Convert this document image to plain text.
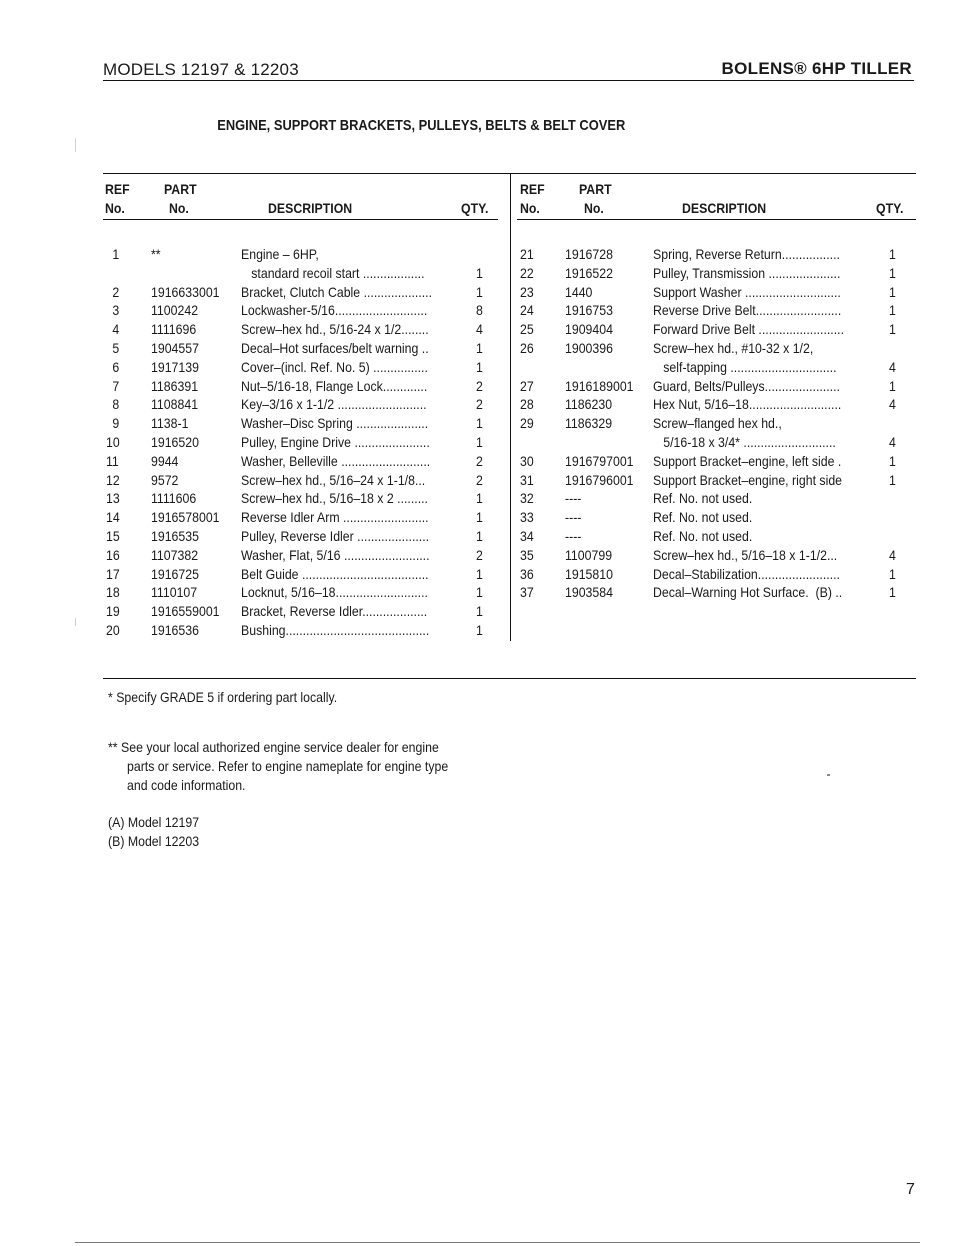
MODELS 12197 & 12203	BOLENS® 6HP TILLER
ENGINE, SUPPORT BRACKETS, PULLEYS, BELTS & BELT COVER
REF
No.
PART
No.	DESCRIPTION	QTY.
REF
No.
PART
No.	DESCRIPTION	QTY.
1 **	Engine – 6HP,
standard recoil start ..................	1
2 1916633001 Bracket, Clutch Cable ....................	1
3 1100242	Lockwasher-5/16...........................	8
4 1111696	Screw–hex hd., 5/16-24 x 1/2........	4
5 1904557	Decal–Hot surfaces/belt warning ..	1
6 1917139	Cover–(incl. Ref. No. 5) ................	1
7 1186391	Nut–5/16-18, Flange Lock.............	2
8 1108841	Key–3/16 x 1-1/2 ..........................	2
9 1138-1	Washer–Disc Spring .....................	1
10	1916520	Pulley, Engine Drive ......................	1
11	9944	Washer, Belleville ..........................	2
12	9572	Screw–hex hd., 5/16–24 x 1-1/8...	2
13	1111606	Screw–hex hd., 5/16–18 x 2 .........	1
14	1916578001 Reverse Idler Arm .........................	1
15	1916535	Pulley, Reverse Idler .....................	1
16	1107382	Washer, Flat, 5/16 .........................	2
17	1916725	Belt Guide .....................................	1
18	1110107	Locknut, 5/16–18...........................	1
19	1916559001 Bracket, Reverse Idler...................	1
20	1916536	Bushing..........................................	1
21	1916728	Spring, Reverse Return.................	1
22	1916522	Pulley, Transmission .....................	1
23	1440	Support Washer ............................	1
24	1916753	Reverse Drive Belt.........................	1
25	1909404	Forward Drive Belt .........................	1
26	1900396	Screw–hex hd., #10-32 x 1/2,
self-tapping ...............................	4
27	1916189001 Guard, Belts/Pulleys......................	1
28	1186230	Hex Nut, 5/16–18...........................	4
29	1186329	Screw–flanged hex hd.,
5/16-18 x 3/4* ...........................	4
30	1916797001 Support Bracket–engine, left side .	1
31	1916796001 Support Bracket–engine, right side	1
32	----	Ref. No. not used.
33	----	Ref. No. not used.
34	----	Ref. No. not used.
35	1100799	Screw–hex hd., 5/16–18 x 1-1/2...	4
36	1915810	Decal–Stabilization........................	1
37	1903584	Decal–Warning Hot Surface.  (B) ..	1
* Specify GRADE 5 if ordering part locally.
** See your local authorized engine service dealer for engine
parts or service. Refer to engine nameplate for engine type
and code information.
(A) Model 12197
(B) Model 12203
7
